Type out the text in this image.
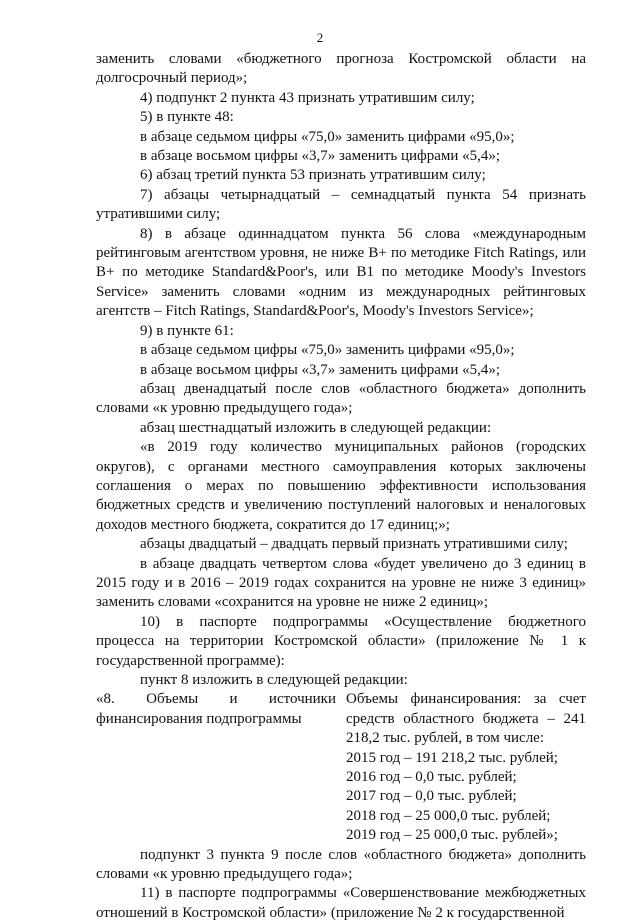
2

заменить словами «бюджетного прогноза Костромской области на долгосрочный период»;

4) подпункт 2 пункта 43 признать утратившим силу;

5) в пункте 48:

в абзаце седьмом цифры «75,0» заменить цифрами «95,0»;

в абзаце восьмом цифры «3,7» заменить цифрами «5,4»;

6) абзац третий пункта 53 признать утратившим силу;

7) абзацы четырнадцатый – семнадцатый пункта 54 признать утратившими силу;

8) в абзаце одиннадцатом пункта 56 слова «международным рейтинговым агентством уровня, не ниже B+ по методике Fitch Ratings, или B+ по методике Standard&Poor's, или B1 по методике Moody's Investors Service» заменить словами «одним из международных рейтинговых агентств – Fitch Ratings, Standard&Poor's, Moody's Investors Service»;

9) в пункте 61:

в абзаце седьмом цифры «75,0» заменить цифрами «95,0»;

в абзаце восьмом цифры «3,7» заменить цифрами «5,4»;

абзац двенадцатый после слов «областного бюджета» дополнить словами «к уровню предыдущего года»;

абзац шестнадцатый изложить в следующей редакции:

«в 2019 году количество муниципальных районов (городских округов), с органами местного самоуправления которых заключены соглашения о мерах по повышению эффективности использования бюджетных средств и увеличению поступлений налоговых и неналоговых доходов местного бюджета, сократится до 17 единиц;»;

абзацы двадцатый – двадцать первый признать утратившими силу;

в абзаце двадцать четвертом слова «будет увеличено до 3 единиц в 2015 году и в 2016 – 2019 годах сохранится на уровне не ниже 3 единиц» заменить словами «сохранится на уровне не ниже 2 единиц»;

10) в паспорте подпрограммы «Осуществление бюджетного процесса на территории Костромской области» (приложение № 1 к государственной программе):

пункт 8 изложить в следующей редакции:

«8. Объемы и источники финансирования подпрограммы

Объемы финансирования: за счет средств областного бюджета – 241 218,2 тыс. рублей, в том числе:

2015 год – 191 218,2 тыс. рублей;
2016 год – 0,0 тыс. рублей;
2017 год – 0,0 тыс. рублей;
2018 год – 25 000,0 тыс. рублей;
2019 год – 25 000,0 тыс. рублей»;

подпункт 3 пункта 9 после слов «областного бюджета» дополнить словами «к уровню предыдущего года»;

11) в паспорте подпрограммы «Совершенствование межбюджетных отношений в Костромской области» (приложение № 2 к государственной
